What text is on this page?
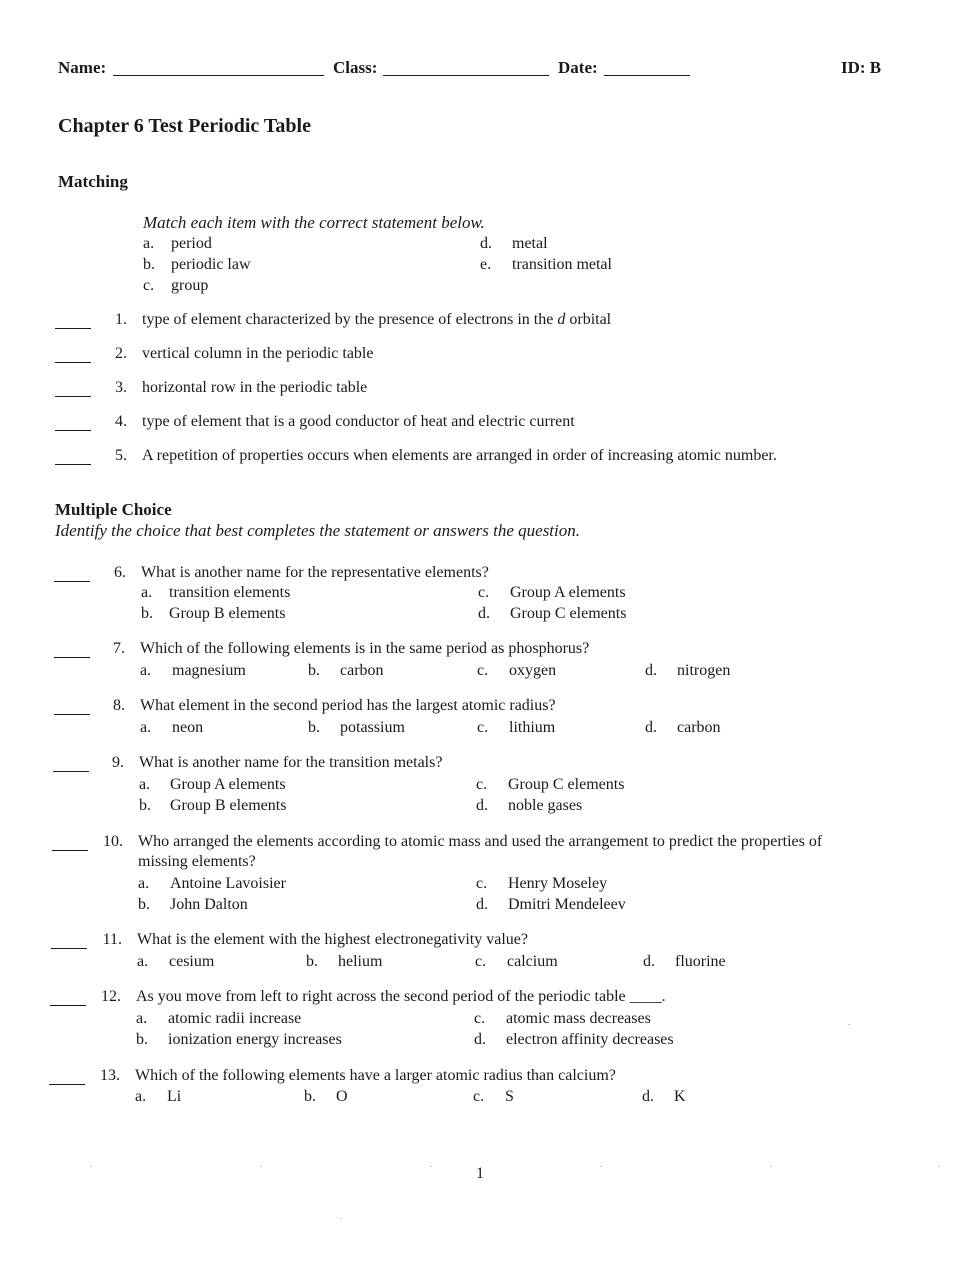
Name:	Class:	Date:	ID: B
Chapter 6 Test Periodic Table
Matching
Match each item with the correct statement below.
a. period
b. periodic law
c. group
d. metal
e. transition metal
1. type of element characterized by the presence of electrons in the d orbital
2. vertical column in the periodic table
3. horizontal row in the periodic table
4. type of element that is a good conductor of heat and electric current
5. A repetition of properties occurs when elements are arranged in order of increasing atomic number.
Multiple Choice
Identify the choice that best completes the statement or answers the question.
6. What is another name for the representative elements?
a. transition elements
b. Group B elements
c. Group A elements
d. Group C elements
7. Which of the following elements is in the same period as phosphorus?
a. magnesium	b. carbon	c. oxygen	d. nitrogen
8. What element in the second period has the largest atomic radius?
a. neon	b. potassium	c. lithium	d. carbon
9. What is another name for the transition metals?
a. Group A elements
b. Group B elements
c. Group C elements
d. noble gases
10. Who arranged the elements according to atomic mass and used the arrangement to predict the properties of
missing elements?
a. Antoine Lavoisier
b. John Dalton
c. Henry Moseley
d. Dmitri Mendeleev
11. What is the element with the highest electronegativity value?
a. cesium	b. helium	c. calcium	d. fluorine
12. As you move from left to right across the second period of the periodic table ____.
a. atomic radii increase
b. ionization energy increases
c. atomic mass decreases
d. electron affinity decreases
13. Which of the following elements have a larger atomic radius than calcium?
a. Li	b. O	c. S	d. K
1
